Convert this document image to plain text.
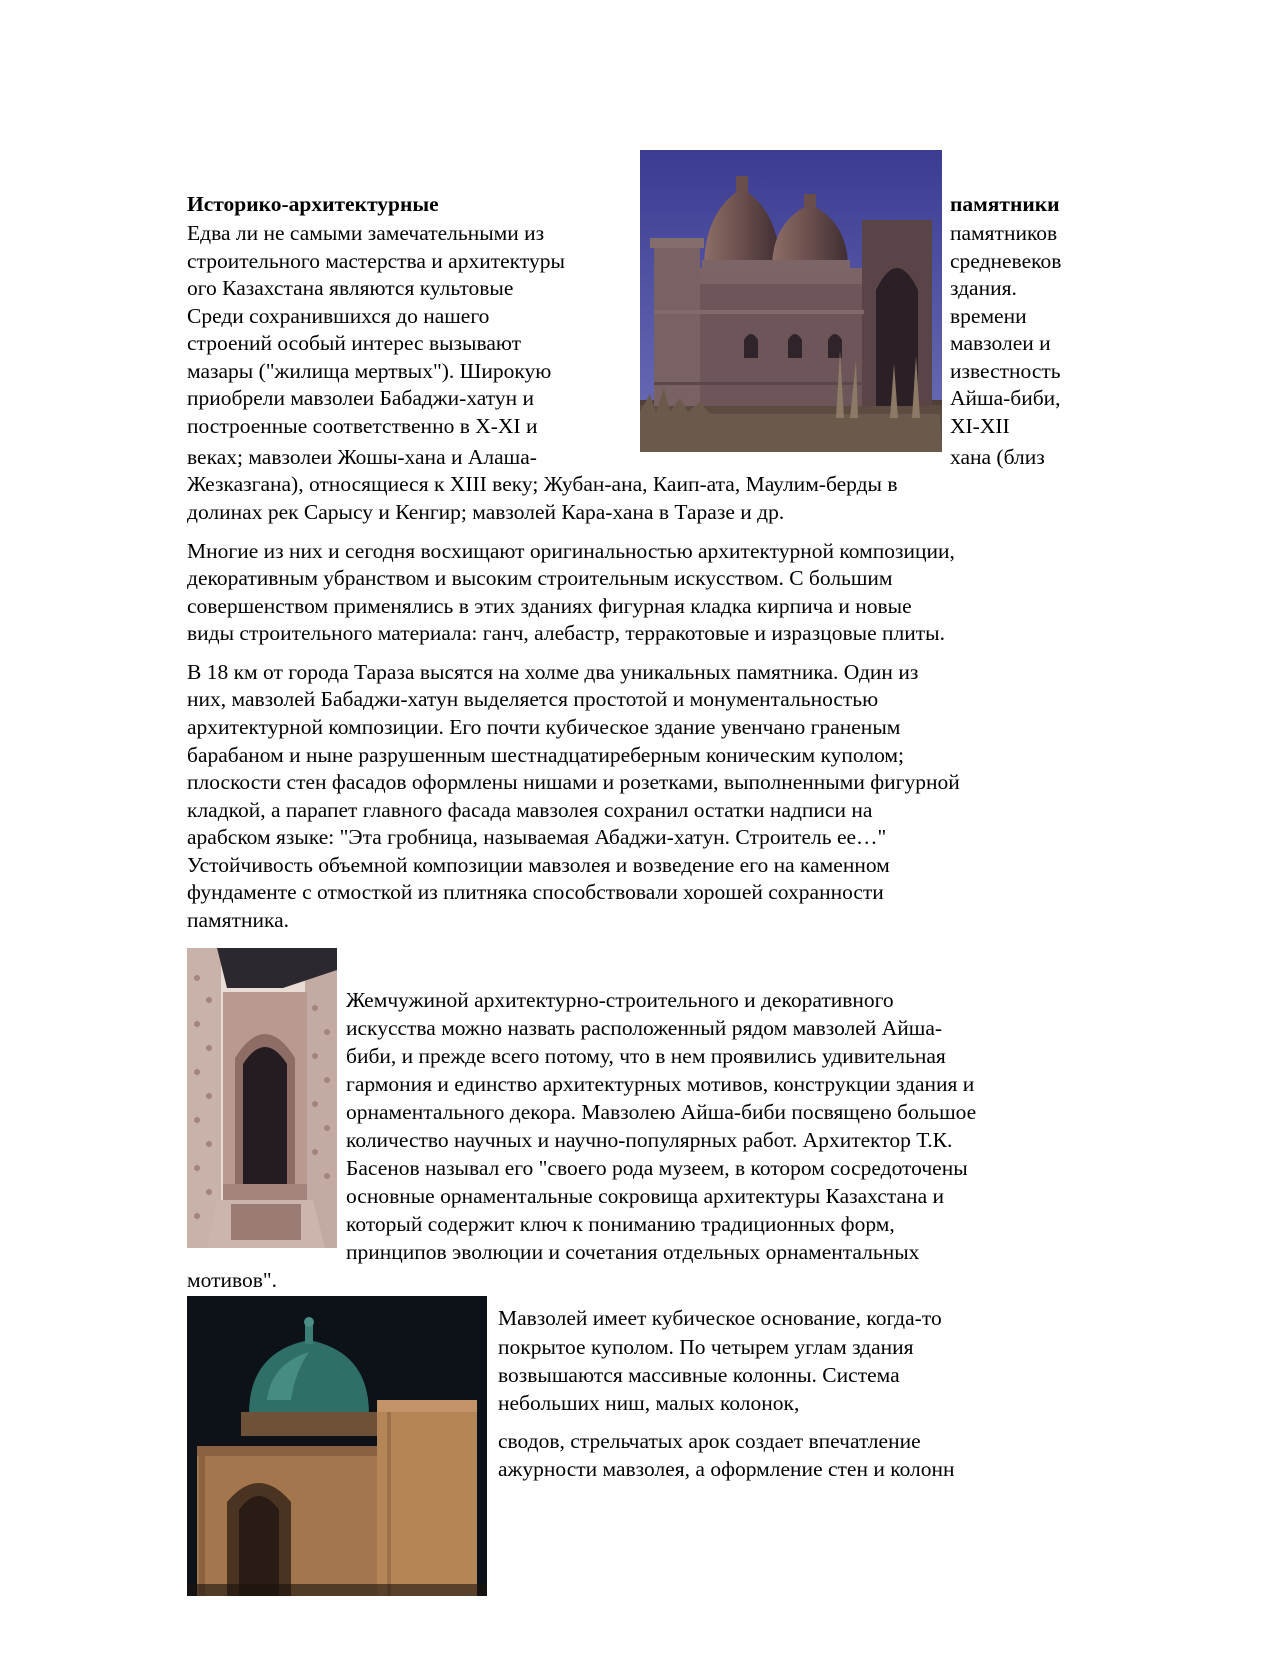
Историко-архитектурные	памятники
Едва ли не самыми замечательными из	памятников
строительного мастерства и архитектуры	средневеков
ого Казахстана являются культовые	здания.
Среди сохранившихся до нашего	времени
строений особый интерес вызывают	мавзолеи и
мазары ("жилища мертвых"). Широкую	известность
приобрели мавзолеи Бабаджи-хатун и	Айша-биби,
построенные соответственно в X-XI и	XI-XII
веках; мавзолеи Жошы-хана и Алаша-	хана (близ
Жезказгана), относящиеся к XIII веку; Жубан-ана, Каип-ата, Маулим-берды в
долинах рек Сарысу и Кенгир; мавзолей Кара-хана в Таразе и др.
Многие из них и сегодня восхищают оригинальностью архитектурной композиции,
декоративным убранством и высоким строительным искусством. С большим
совершенством применялись в этих зданиях фигурная кладка кирпича и новые
виды строительного материала: ганч, алебастр, терракотовые и изразцовые плиты.
В 18 км от города Тараза высятся на холме два уникальных памятника. Один из
них, мавзолей Бабаджи-хатун выделяется простотой и монументальностью
архитектурной композиции. Его почти кубическое здание увенчано граненым
барабаном и ныне разрушенным шестнадцатиреберным коническим куполом;
плоскости стен фасадов оформлены нишами и розетками, выполненными фигурной
кладкой, а парапет главного фасада мавзолея сохранил остатки надписи на
арабском языке: "Эта гробница, называемая Абаджи-хатун. Строитель ее…"
Устойчивость объемной композиции мавзолея и возведение его на каменном
фундаменте с отмосткой из плитняка способствовали хорошей сохранности
памятника.
Жемчужиной архитектурно-строительного и декоративного
искусства можно назвать расположенный рядом мавзолей Айша-
биби, и прежде всего потому, что в нем проявились удивительная
гармония и единство архитектурных мотивов, конструкции здания и
орнаментального декора. Мавзолею Айша-биби посвящено большое
количество научных и научно-популярных работ. Архитектор Т.К.
Басенов называл его "своего рода музеем, в котором сосредоточены
основные орнаментальные сокровища архитектуры Казахстана и
который содержит ключ к пониманию традиционных форм,
принципов эволюции и сочетания отдельных орнаментальных
мотивов".
Мавзолей имеет кубическое основание, когда-то
покрытое куполом. По четырем углам здания
возвышаются массивные колонны. Система
небольших ниш, малых колонок,
сводов, стрельчатых арок создает впечатление
ажурности мавзолея, а оформление стен и колонн
